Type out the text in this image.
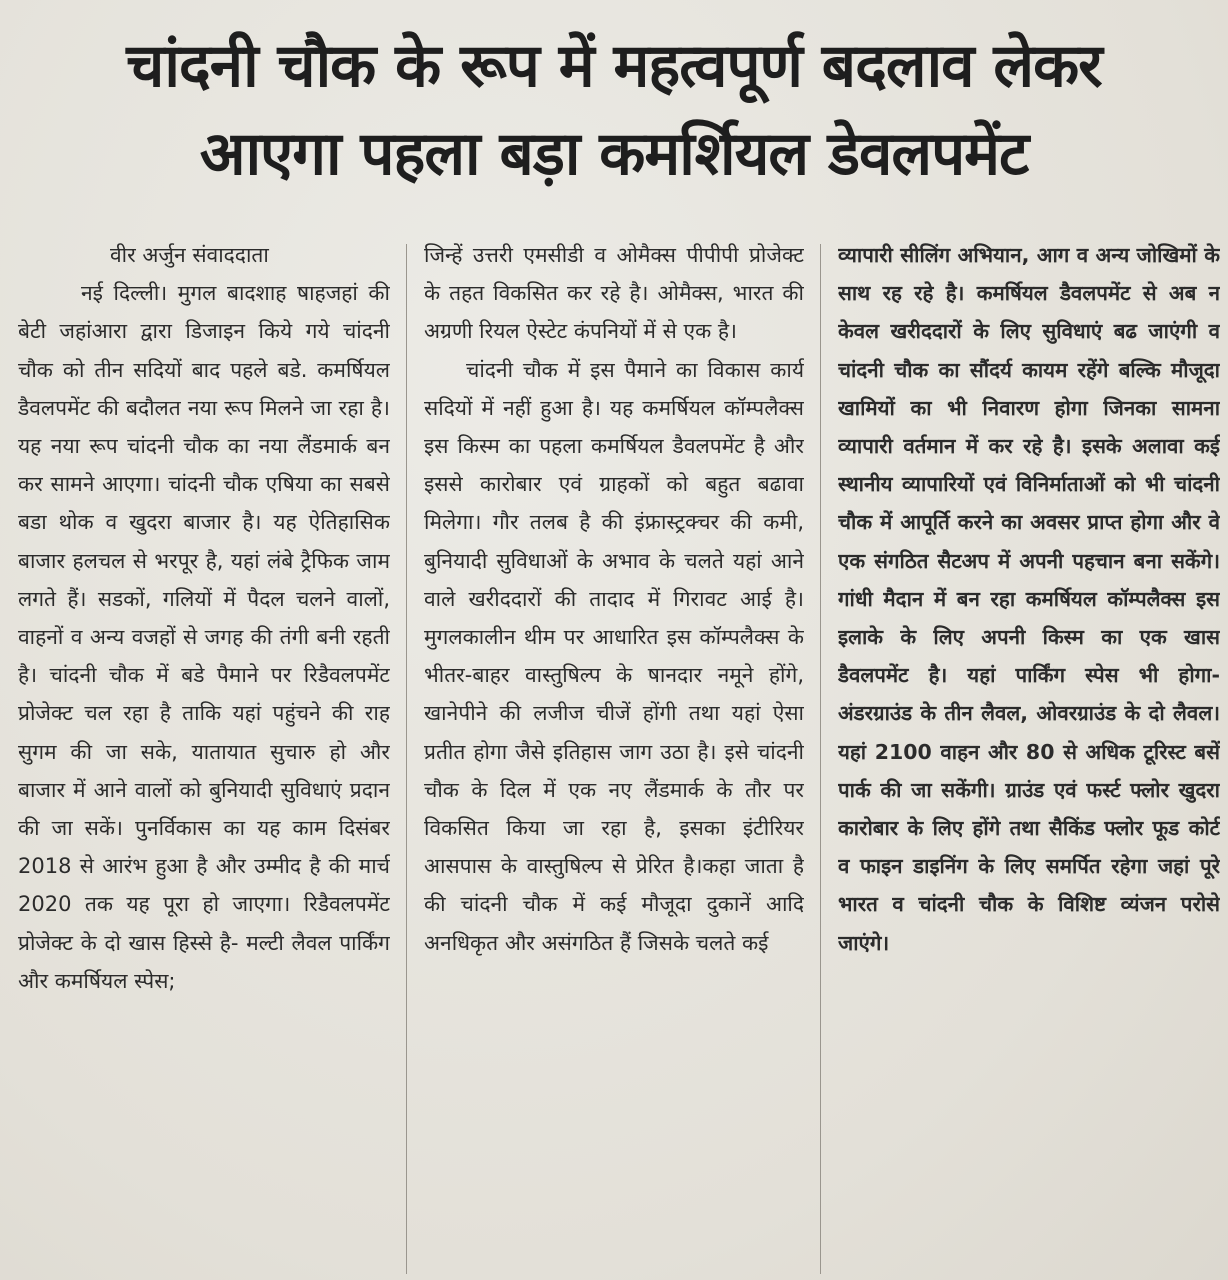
चांदनी चौक के रूप में महत्वपूर्ण बदलाव लेकर
आएगा पहला बड़ा कमर्शियल डेवलपमेंट
वीर अर्जुन संवाददाता

नई दिल्ली। मुगल बादशाह षाहजहां की बेटी जहांआरा द्वारा डिजाइन किये गये चांदनी चौक को तीन सदियों बाद पहले बडे. कमर्षियल डैवलपमेंट की बदौलत नया रूप मिलने जा रहा है। यह नया रूप चांदनी चौक का नया लैंडमार्क बन कर सामने आएगा। चांदनी चौक एषिया का सबसे बडा थोक व खुदरा बाजार है। यह ऐतिहासिक बाजार हलचल से भरपूर है, यहां लंबे ट्रैफिक जाम लगते हैं। सडकों, गलियों में पैदल चलने वालों, वाहनों व अन्य वजहों से जगह की तंगी बनी रहती है। चांदनी चौक में बडे पैमाने पर रिडैवलपमेंट प्रोजेक्ट चल रहा है ताकि यहां पहुंचने की राह सुगम की जा सके, यातायात सुचारु हो और बाजार में आने वालों को बुनियादी सुविधाएं प्रदान की जा सकें। पुनर्विकास का यह काम दिसंबर 2018 से आरंभ हुआ है और उम्मीद है की मार्च 2020 तक यह पूरा हो जाएगा। रिडैवलपमेंट प्रोजेक्ट के दो खास हिस्से है- मल्टी लैवल पार्किंग और कमर्षियल स्पेस;

जिन्हें उत्तरी एमसीडी व ओमैक्स पीपीपी प्रोजेक्ट के तहत विकसित कर रहे है। ओमैक्स, भारत की अग्रणी रियल ऐस्टेट कंपनियों में से एक है।

चांदनी चौक में इस पैमाने का विकास कार्य सदियों में नहीं हुआ है। यह कमर्षियल कॉम्पलैक्स इस किस्म का पहला कमर्षियल डैवलपमेंट है और इससे कारोबार एवं ग्राहकों को बहुत बढावा मिलेगा। गौर तलब है की इंफ्रास्ट्रक्चर की कमी, बुनियादी सुविधाओं के अभाव के चलते यहां आने वाले खरीददारों की तादाद में गिरावट आई है। मुगलकालीन थीम पर आधारित इस कॉम्पलैक्स के भीतर-बाहर वास्तुषिल्प के षानदार नमूने होंगे, खानेपीने की लजीज चीजें होंगी तथा यहां ऐसा प्रतीत होगा जैसे इतिहास जाग उठा है। इसे चांदनी चौक के दिल में एक नए लैंडमार्क के तौर पर विकसित किया जा रहा है, इसका इंटीरियर आसपास के वास्तुषिल्प से प्रेरित है।कहा जाता है की चांदनी चौक में कई मौजूदा दुकानें आदि अनधिकृत और असंगठित हैं जिसके चलते कई

व्यापारी सीलिंग अभियान, आग व अन्य जोखिमों के साथ रह रहे है। कमर्षियल डैवलपमेंट से अब न केवल खरीददारों के लिए सुविधाएं बढ जाएंगी व चांदनी चौक का सौंदर्य कायम रहेंगे बल्कि मौजूदा खामियों का भी निवारण होगा जिनका सामना व्यापारी वर्तमान में कर रहे है। इसके अलावा कई स्थानीय व्यापारियों एवं विनिर्माताओं को भी चांदनी चौक में आपूर्ति करने का अवसर प्राप्त होगा और वे एक संगठित सैटअप में अपनी पहचान बना सकेंगे। गांधी मैदान में बन रहा कमर्षियल कॉम्पलैक्स इस इलाके के लिए अपनी किस्म का एक खास डैवलपमेंट है। यहां पार्किंग स्पेस भी होगा- अंडरग्राउंड के तीन लैवल, ओवरग्राउंड के दो लैवल। यहां 2100 वाहन और 80 से अधिक टूरिस्ट बसें पार्क की जा सकेंगी। ग्राउंड एवं फर्स्ट फ्लोर खुदरा कारोबार के लिए होंगे तथा सैकिंड फ्लोर फूड कोर्ट व फाइन डाइनिंग के लिए समर्पित रहेगा जहां पूरे भारत व चांदनी चौक के विशिष्ट व्यंजन परोसे जाएंगे।
